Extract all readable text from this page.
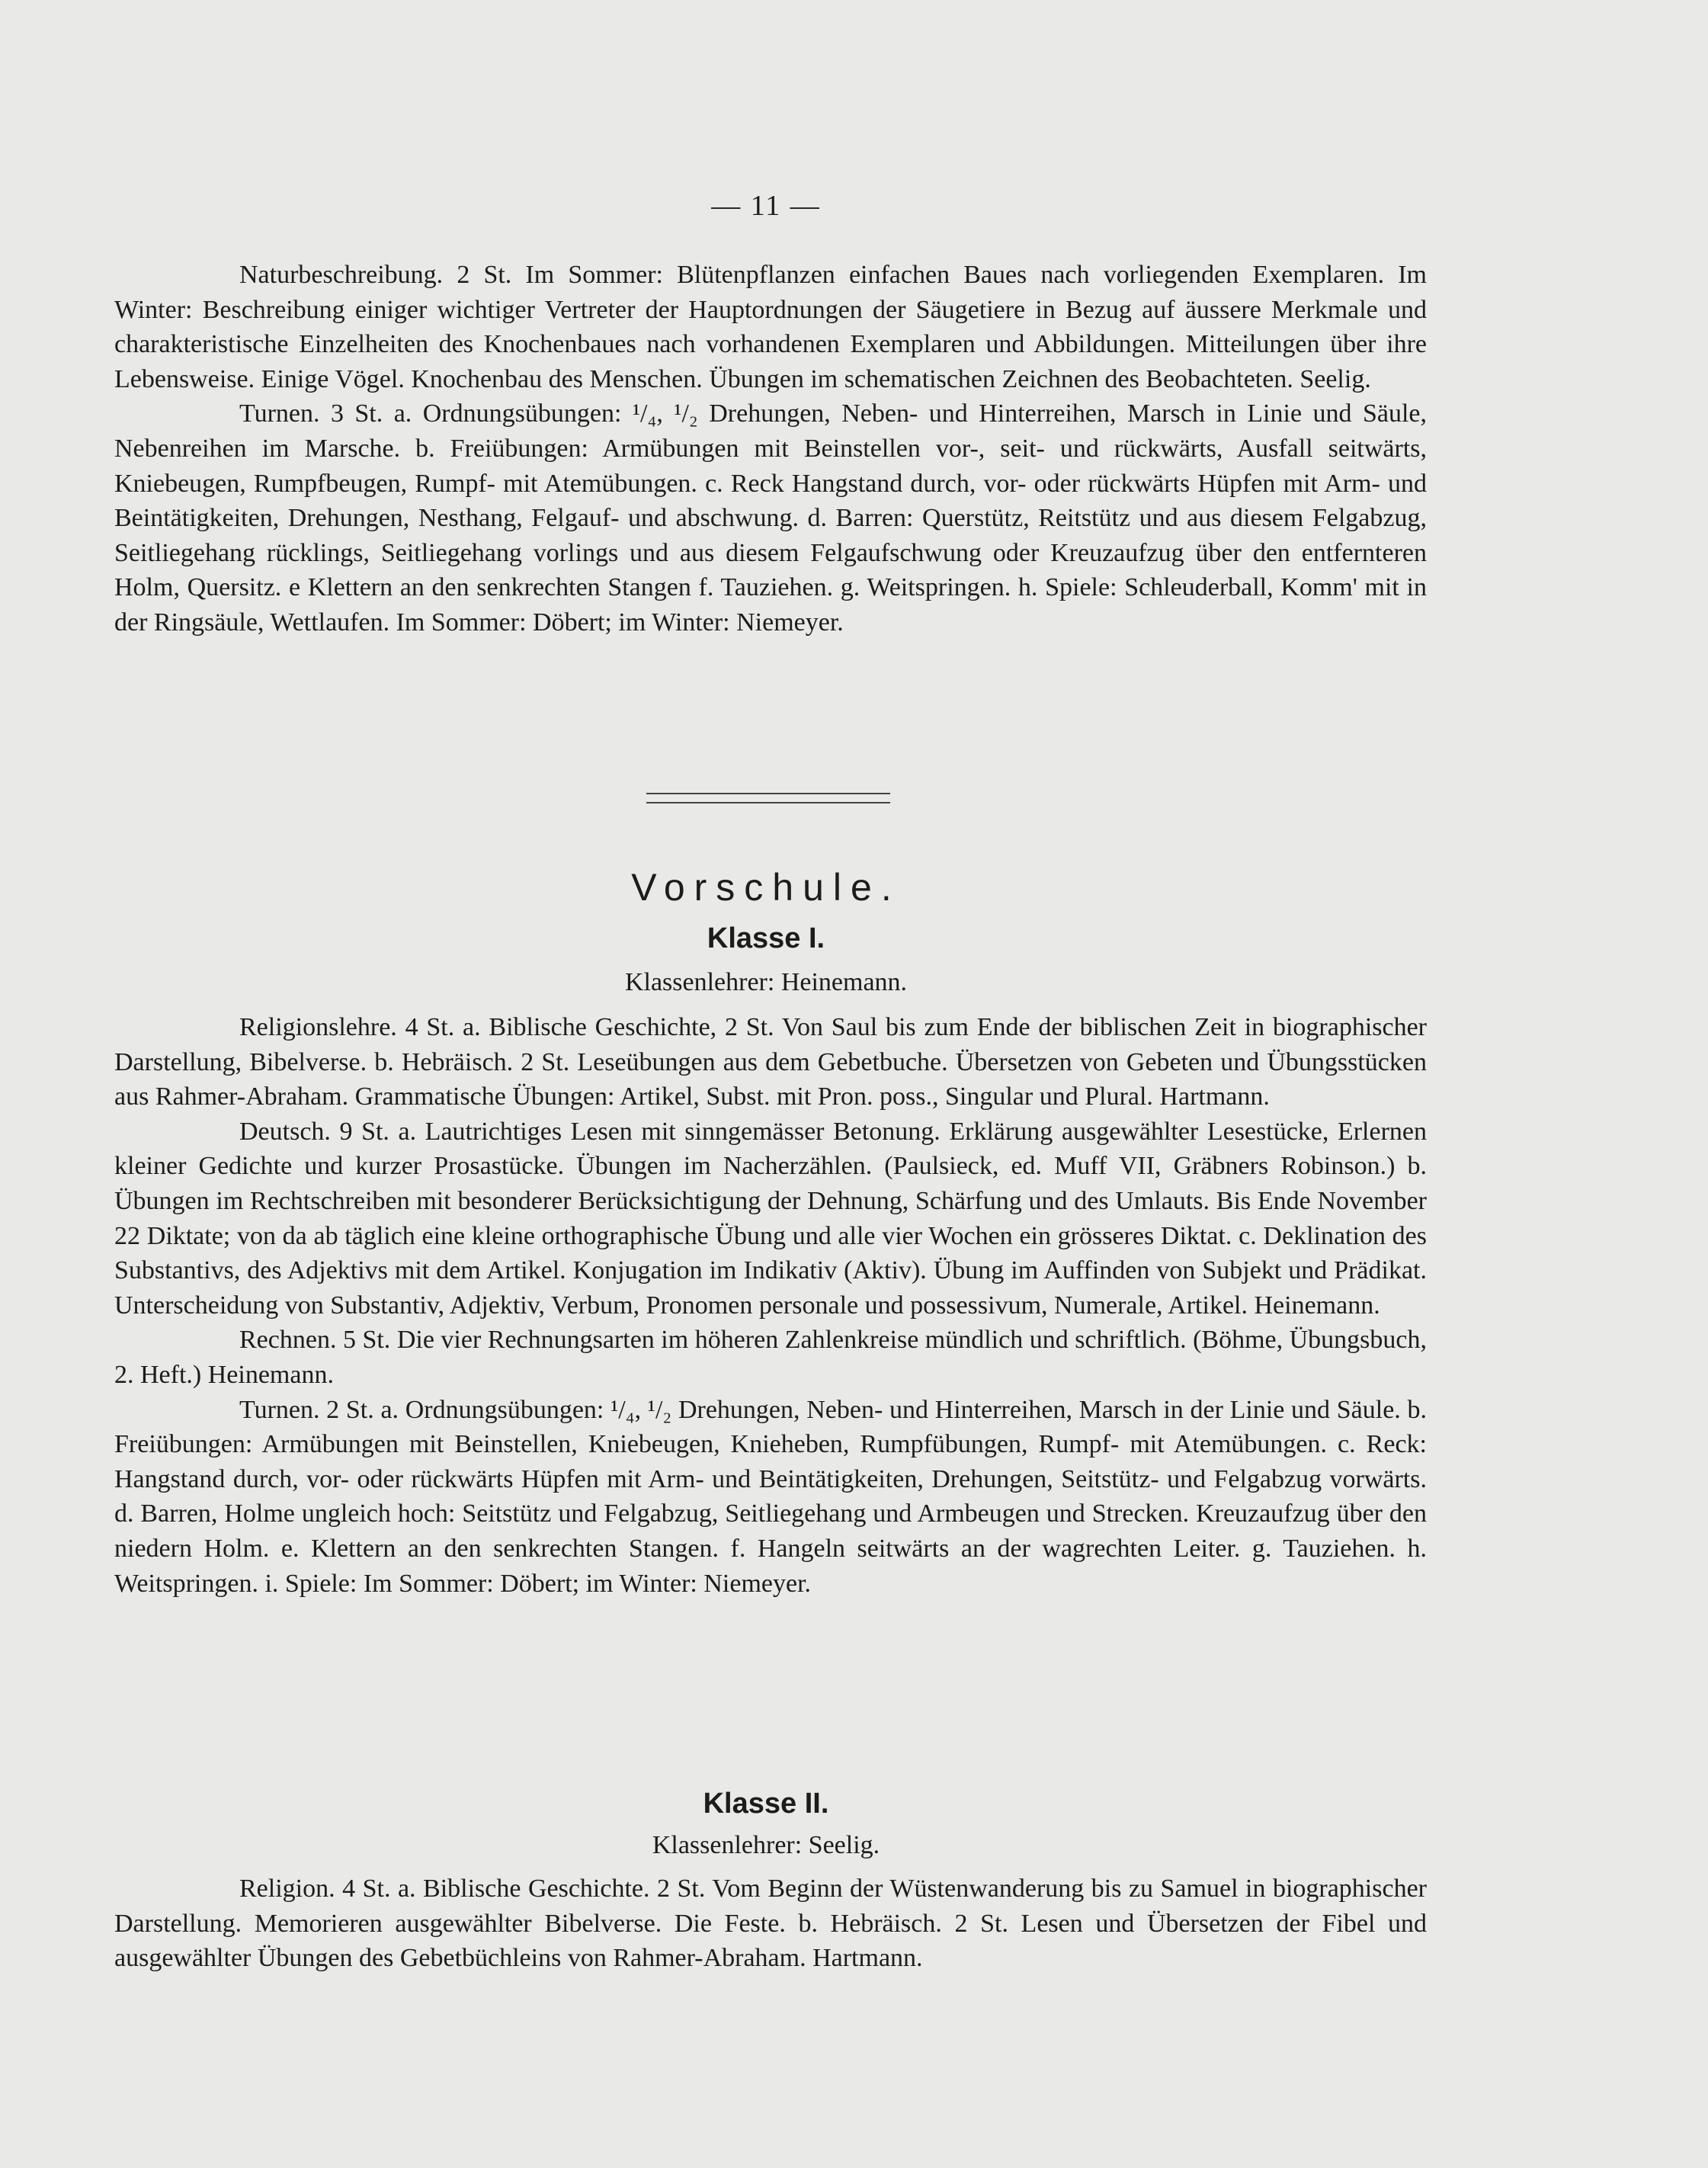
— 11 —

Naturbeschreibung. 2 St. Im Sommer: Blütenpflanzen einfachen Baues nach vorliegenden Exemplaren. Im Winter: Beschreibung einiger wichtiger Vertreter der Hauptordnungen der Säugetiere in Bezug auf äussere Merkmale und charakteristische Einzelheiten des Knochenbaues nach vorhandenen Exemplaren und Abbildungen. Mitteilungen über ihre Lebensweise. Einige Vögel. Knochenbau des Menschen. Übungen im schematischen Zeichnen des Beobachteten. Seelig.

Turnen. 3 St. a. Ordnungsübungen: ¹/₄, ¹/₂ Drehungen, Neben- und Hinterreihen, Marsch in Linie und Säule, Nebenreihen im Marsche. b. Freiübungen: Armübungen mit Beinstellen vor-, seit- und rückwärts, Ausfall seitwärts, Kniebeugen, Rumpfbeugen, Rumpf- mit Atemübungen. c. Reck Hangstand durch, vor- oder rückwärts Hüpfen mit Arm- und Beintätigkeiten, Drehungen, Nesthang, Felgauf- und abschwung. d. Barren: Querstütz, Reitstütz und aus diesem Felgabzug, Seitliegehang rücklings, Seitliegehang vorlings und aus diesem Felgaufschwung oder Kreuzaufzug über den entfernteren Holm, Quersitz. e Klettern an den senkrechten Stangen f. Tauziehen. g. Weitspringen. h. Spiele: Schleuderball, Komm' mit in der Ringsäule, Wettlaufen. Im Sommer: Döbert; im Winter: Niemeyer.

Vorschule.
Klasse I.
Klassenlehrer: Heinemann.

Religionslehre. 4 St. a. Biblische Geschichte, 2 St. Von Saul bis zum Ende der biblischen Zeit in biographischer Darstellung, Bibelverse. b. Hebräisch. 2 St. Leseübungen aus dem Gebetbuche. Übersetzen von Gebeten und Übungsstücken aus Rahmer-Abraham. Grammatische Übungen: Artikel, Subst. mit Pron. poss., Singular und Plural. Hartmann.

Deutsch. 9 St. a. Lautrichtiges Lesen mit sinngemässer Betonung. Erklärung ausgewählter Lesestücke, Erlernen kleiner Gedichte und kurzer Prosastücke. Übungen im Nacherzählen. (Paulsieck, ed. Muff VII, Gräbners Robinson.) b. Übungen im Rechtschreiben mit besonderer Berücksichtigung der Dehnung, Schärfung und des Umlauts. Bis Ende November 22 Diktate; von da ab täglich eine kleine orthographische Übung und alle vier Wochen ein grösseres Diktat. c. Deklination des Substantivs, des Adjektivs mit dem Artikel. Konjugation im Indikativ (Aktiv). Übung im Auffinden von Subjekt und Prädikat. Unterscheidung von Substantiv, Adjektiv, Verbum, Pronomen personale und possessivum, Numerale, Artikel. Heinemann.

Rechnen. 5 St. Die vier Rechnungsarten im höheren Zahlenkreise mündlich und schriftlich. (Böhme, Übungsbuch, 2. Heft.) Heinemann.

Turnen. 2 St. a. Ordnungsübungen: ¹/₄, ¹/₂ Drehungen, Neben- und Hinterreihen, Marsch in der Linie und Säule. b. Freiübungen: Armübungen mit Beinstellen, Kniebeugen, Knieheben, Rumpfübungen, Rumpf- mit Atemübungen. c. Reck: Hangstand durch, vor- oder rückwärts Hüpfen mit Arm- und Beintätigkeiten, Drehungen, Seitstütz- und Felgabzug vorwärts. d. Barren, Holme ungleich hoch: Seitstütz und Felgabzug, Seitliegehang und Armbeugen und Strecken. Kreuzaufzug über den niedern Holm. e. Klettern an den senkrechten Stangen. f. Hangeln seitwärts an der wagrechten Leiter. g. Tauziehen. h. Weitspringen. i. Spiele: Im Sommer: Döbert; im Winter: Niemeyer.

Klasse II.
Klassenlehrer: Seelig.

Religion. 4 St. a. Biblische Geschichte. 2 St. Vom Beginn der Wüstenwanderung bis zu Samuel in biographischer Darstellung. Memorieren ausgewählter Bibelverse. Die Feste. b. Hebräisch. 2 St. Lesen und Übersetzen der Fibel und ausgewählter Übungen des Gebetbüchleins von Rahmer-Abraham. Hartmann.
